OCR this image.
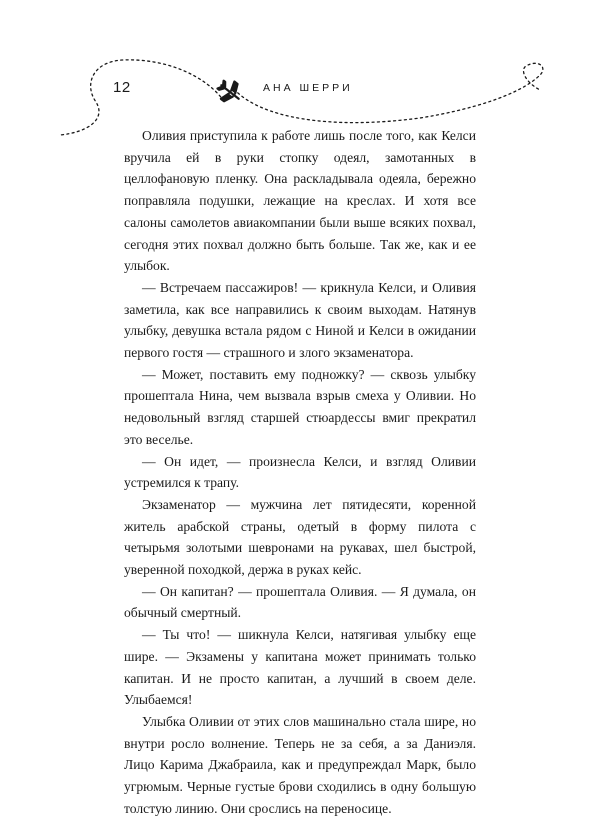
12	АНА ШЕРРИ

Оливия приступила к работе лишь после того, как Келси вручила ей в руки стопку одеял, замотанных в целлофановую пленку. Она раскладывала одеяла, бережно поправляла подушки, лежащие на креслах. И хотя все салоны самолетов авиакомпании были выше всяких похвал, сегодня этих похвал должно быть больше. Так же, как и ее улыбок.

— Встречаем пассажиров! — крикнула Келси, и Оливия заметила, как все направились к своим выходам. Натянув улыбку, девушка встала рядом с Ниной и Келси в ожидании первого гостя — страшного и злого экзаменатора.

— Может, поставить ему подножку? — сквозь улыбку прошептала Нина, чем вызвала взрыв смеха у Оливии. Но недовольный взгляд старшей стюардессы вмиг прекратил это веселье.

— Он идет, — произнесла Келси, и взгляд Оливии устремился к трапу.

Экзаменатор — мужчина лет пятидесяти, коренной житель арабской страны, одетый в форму пилота с четырьмя золотыми шевронами на рукавах, шел быстрой, уверенной походкой, держа в руках кейс.

— Он капитан? — прошептала Оливия. — Я думала, он обычный смертный.

— Ты что! — шикнула Келси, натягивая улыбку еще шире. — Экзамены у капитана может принимать только капитан. И не просто капитан, а лучший в своем деле. Улыбаемся!

Улыбка Оливии от этих слов машинально стала шире, но внутри росло волнение. Теперь не за себя, а за Даниэля. Лицо Карима Джабраила, как и предупреждал Марк, было угрюмым. Черные густые брови сходились в одну большую толстую линию. Они срослись на переносице.
